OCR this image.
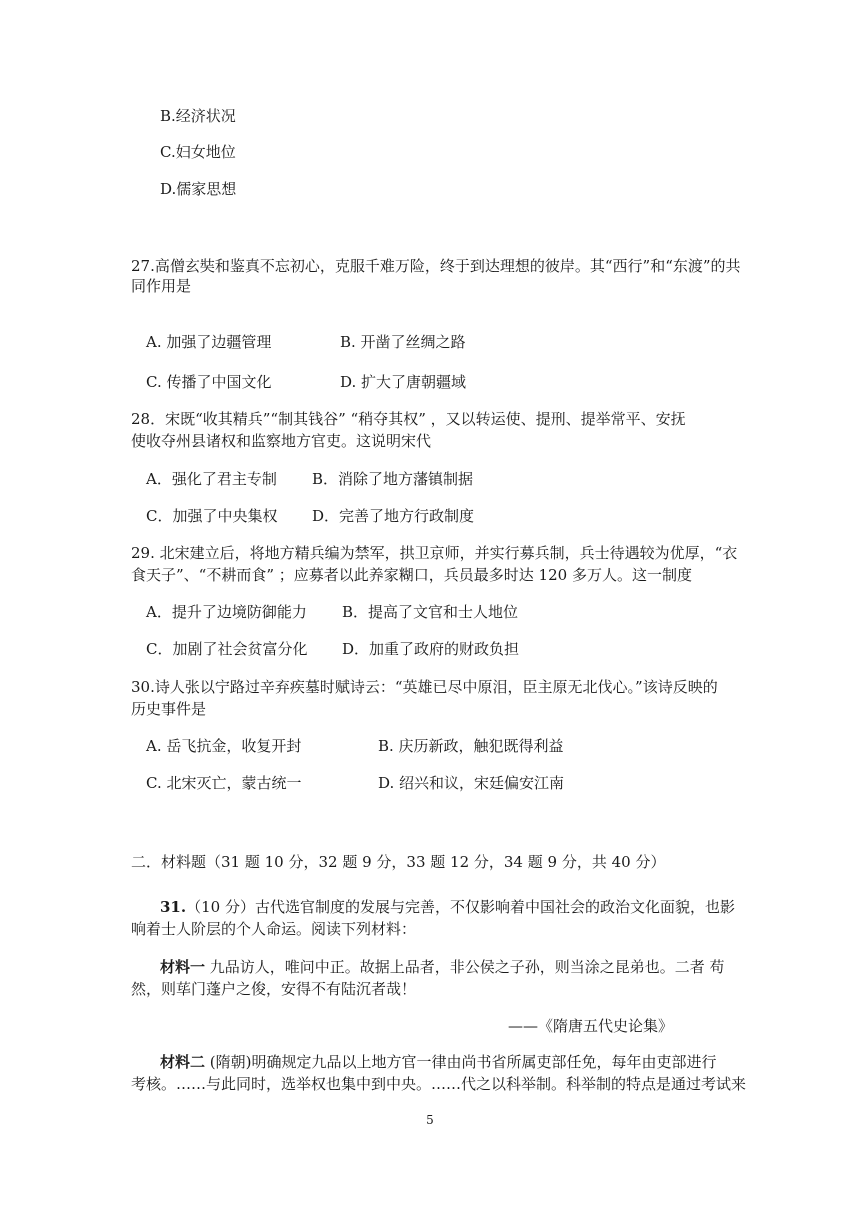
B.经济状况
C.妇女地位
D.儒家思想
27.高僧玄奘和鉴真不忘初心，克服千难万险，终于到达理想的彼岸。其“西行”和“东渡”的共
同作用是
A. 加强了边疆管理	B. 开凿了丝绸之路
C. 传播了中国文化	D. 扩大了唐朝疆域
28．宋既“收其精兵”“制其钱谷” “稍夺其权” ，又以转运使、提刑、提举常平、安抚
使收夺州县诸权和监察地方官吏。这说明宋代
A．强化了君主专制 B．消除了地方藩镇制据
C．加强了中央集权 D．完善了地方行政制度
29. 北宋建立后，将地方精兵编为禁军，拱卫京师，并实行募兵制，兵士待遇较为优厚，“衣
食天子”、“不耕而食” ；应募者以此养家糊口，兵员最多时达 120 多万人。这一制度
A．提升了边境防御能力 B．提高了文官和士人地位
C．加剧了社会贫富分化 D．加重了政府的财政负担
30.诗人张以宁路过辛弃疾墓时赋诗云：“英雄已尽中原泪，臣主原无北伐心。”该诗反映的
历史事件是
A. 岳飞抗金，收复开封	B. 庆历新政，触犯既得利益
C. 北宋灭亡，蒙古统一	D. 绍兴和议，宋廷偏安江南
二．材料题（31 题 10 分，32 题 9 分，33 题 12 分，34 题 9 分，共 40 分）
31.（10 分）古代选官制度的发展与完善，不仅影响着中国社会的政治文化面貌，也影
响着士人阶层的个人命运。阅读下列材料：
材料一 九品访人，唯问中正。故据上品者，非公侯之子孙，则当涂之昆弟也。二者 苟
然，则荜门蓬户之俊，安得不有陆沉者哉！
——《隋唐五代史论集》
材料二 (隋朝)明确规定九品以上地方官一律由尚书省所属吏部任免，每年由吏部进行
考核。……与此同时，选举权也集中到中央。……代之以科举制。科举制的特点是通过考试来
5
